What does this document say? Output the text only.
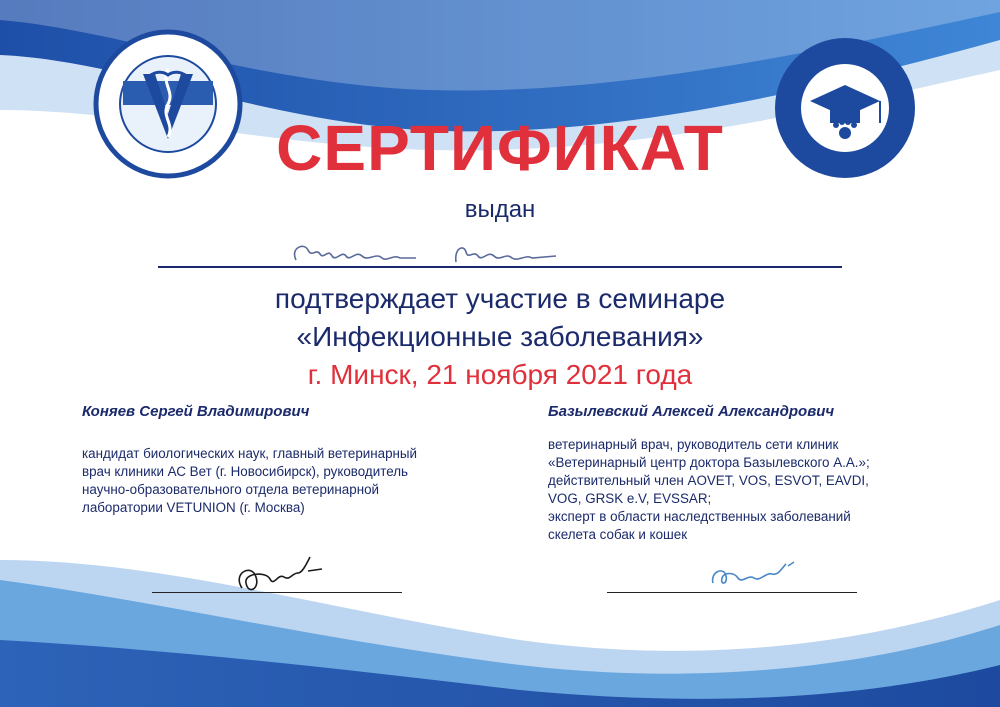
СЕРТИФИКАТ
выдан
подтверждает участие в семинаре
«Инфекционные заболевания»
г. Минск, 21 ноября 2021 года
Коняев Сергей Владимирович
кандидат биологических наук, главный ветеринарный
врач клиники АС Вет (г. Новосибирск), руководитель
научно-образовательного отдела ветеринарной
лаборатории VETUNION (г. Москва)
Базылевский Алексей Александрович
ветеринарный врач, руководитель сети клиник
«Ветеринарный центр доктора Базылевского А.А.»;
действительный член AOVET, VOS, ESVOT, EAVDI,
VOG, GRSK e.V, EVSSAR;
эксперт в области наследственных заболеваний
скелета собак и кошек
